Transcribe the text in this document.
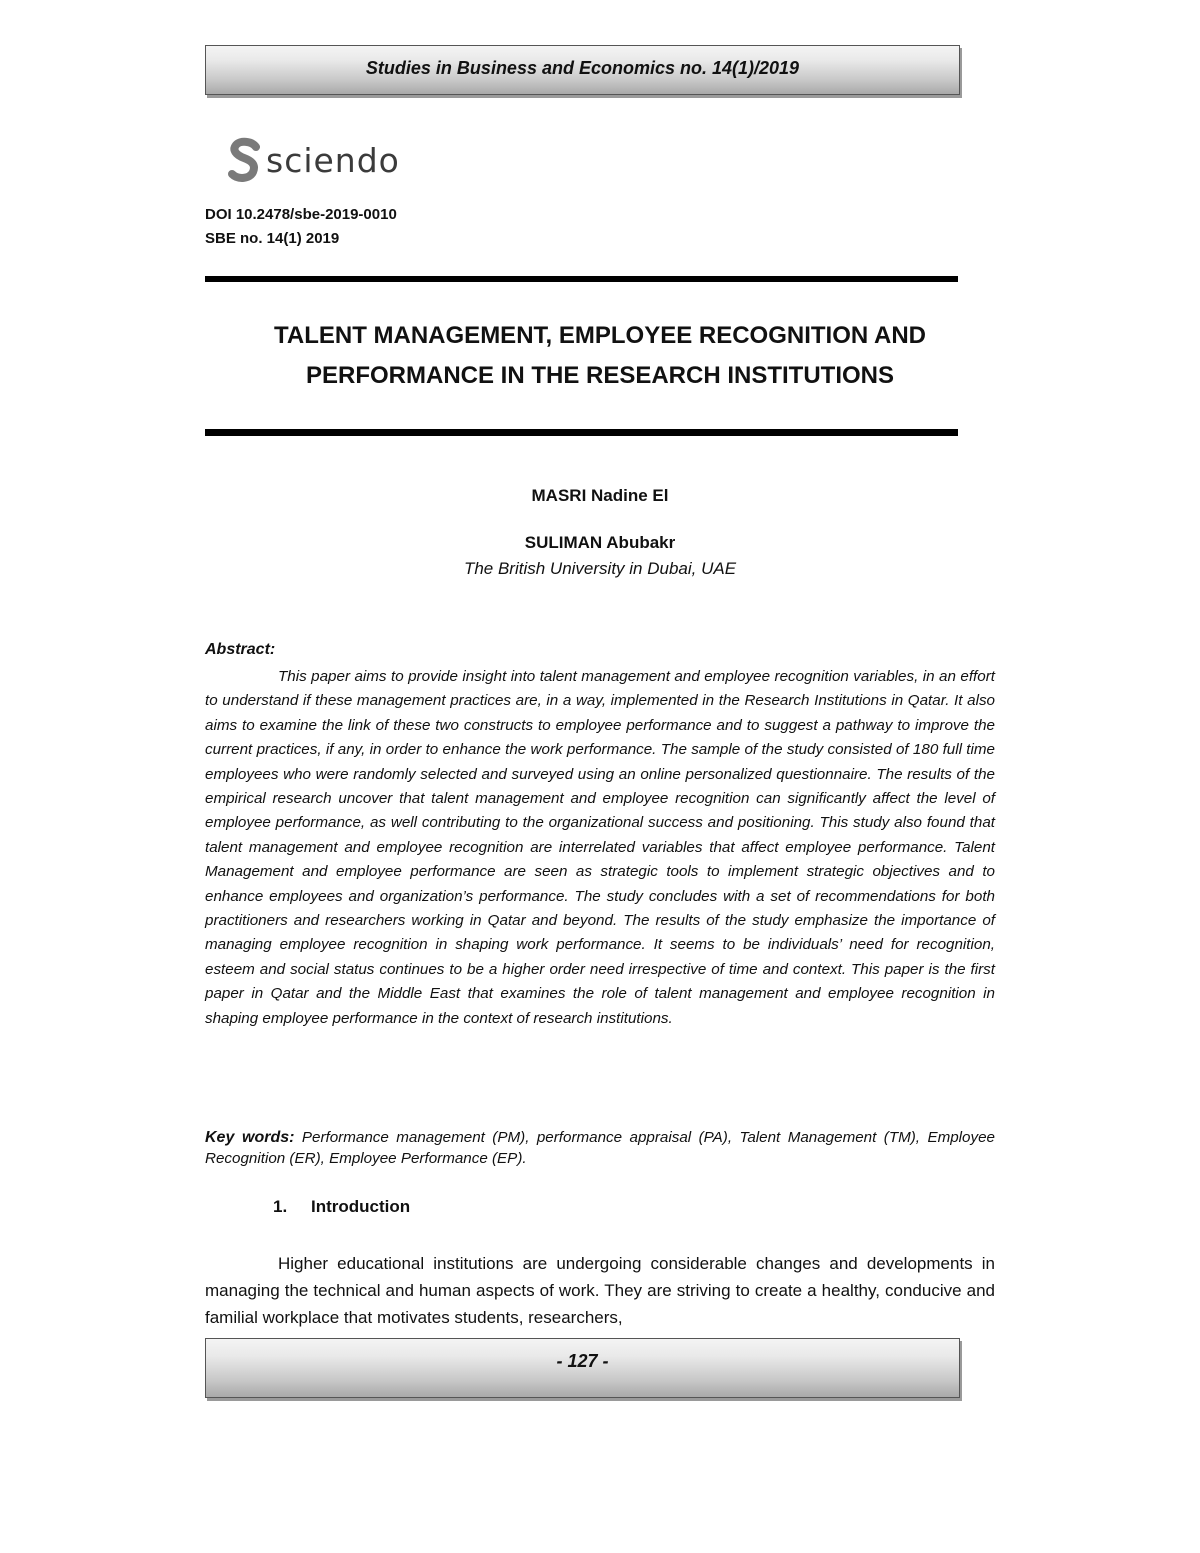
Studies in Business and Economics no. 14(1)/2019
sciendo
DOI 10.2478/sbe-2019-0010
SBE no. 14(1) 2019
TALENT MANAGEMENT, EMPLOYEE RECOGNITION AND
PERFORMANCE IN THE RESEARCH INSTITUTIONS
MASRI Nadine El
SULIMAN Abubakr
The British University in Dubai, UAE
Abstract:
This paper aims to provide insight into talent management and employee recognition variables, in an effort to understand if these management practices are, in a way, implemented in the Research Institutions in Qatar. It also aims to examine the link of these two constructs to employee performance and to suggest a pathway to improve the current practices, if any, in order to enhance the work performance. The sample of the study consisted of 180 full time employees who were randomly selected and surveyed using an online personalized questionnaire. The results of the empirical research uncover that talent management and employee recognition can significantly affect the level of employee performance, as well contributing to the organizational success and positioning. This study also found that talent management and employee recognition are interrelated variables that affect employee performance. Talent Management and employee performance are seen as strategic tools to implement strategic objectives and to enhance employees and organization’s performance. The study concludes with a set of recommendations for both practitioners and researchers working in Qatar and beyond. The results of the study emphasize the importance of managing employee recognition in shaping work performance. It seems to be individuals’ need for recognition, esteem and social status continues to be a higher order need irrespective of time and context. This paper is the first paper in Qatar and the Middle East that examines the role of talent management and employee recognition in shaping employee performance in the context of research institutions.
Key words: Performance management (PM), performance appraisal (PA), Talent Management (TM), Employee Recognition (ER), Employee Performance (EP).
1. Introduction
Higher educational institutions are undergoing considerable changes and developments in managing the technical and human aspects of work. They are striving to create a healthy, conducive and familial workplace that motivates students, researchers,
- 127 -
